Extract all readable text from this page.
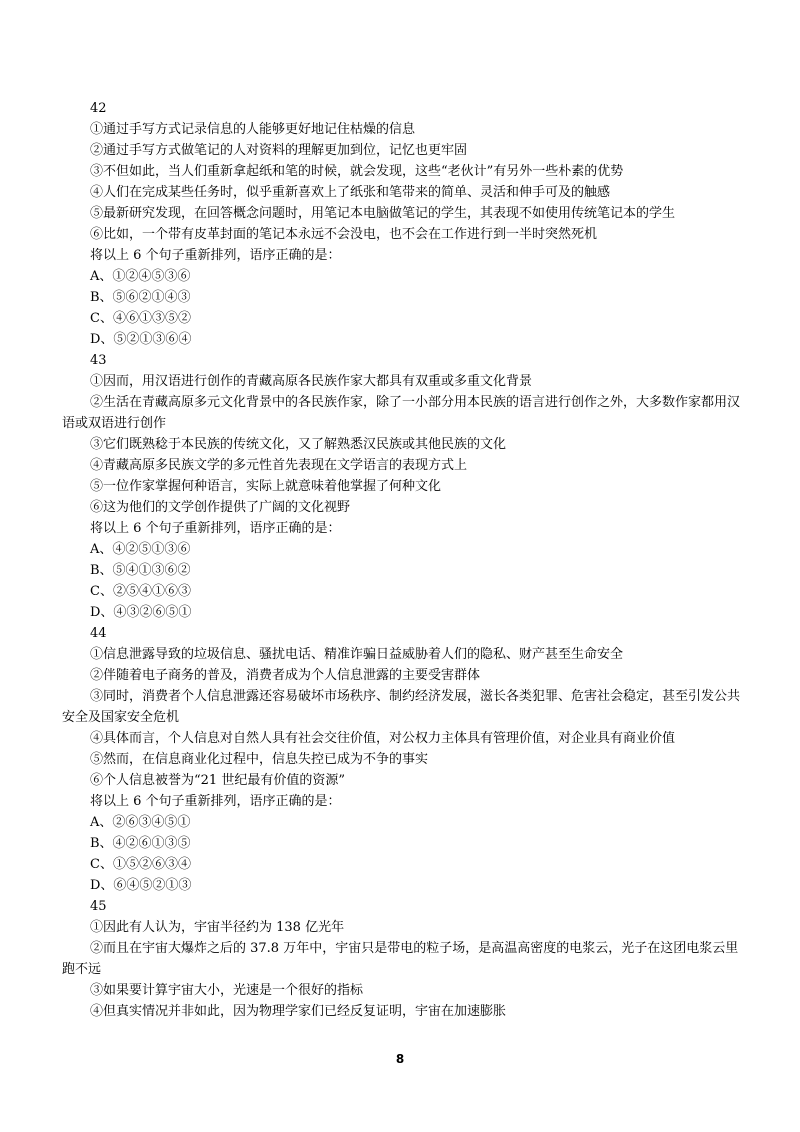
42
①通过手写方式记录信息的人能够更好地记住枯燥的信息
②通过手写方式做笔记的人对资料的理解更加到位，记忆也更牢固
③不但如此，当人们重新拿起纸和笔的时候，就会发现，这些“老伙计”有另外一些朴素的优势
④人们在完成某些任务时，似乎重新喜欢上了纸张和笔带来的简单、灵活和伸手可及的触感
⑤最新研究发现，在回答概念问题时，用笔记本电脑做笔记的学生，其表现不如使用传统笔记本的学生
⑥比如，一个带有皮革封面的笔记本永远不会没电，也不会在工作进行到一半时突然死机
将以上 6 个句子重新排列，语序正确的是：
A、①②④⑤③⑥
B、⑤⑥②①④③
C、④⑥①③⑤②
D、⑤②①③⑥④
43
①因而，用汉语进行创作的青藏高原各民族作家大都具有双重或多重文化背景
②生活在青藏高原多元文化背景中的各民族作家，除了一小部分用本民族的语言进行创作之外，大多数作家都用汉语或双语进行创作
③它们既熟稔于本民族的传统文化，又了解熟悉汉民族或其他民族的文化
④青藏高原多民族文学的多元性首先表现在文学语言的表现方式上
⑤一位作家掌握何种语言，实际上就意味着他掌握了何种文化
⑥这为他们的文学创作提供了广阔的文化视野
将以上 6 个句子重新排列，语序正确的是：
A、④②⑤①③⑥
B、⑤④①③⑥②
C、②⑤④①⑥③
D、④③②⑥⑤①
44
①信息泄露导致的垃圾信息、骚扰电话、精准诈骗日益威胁着人们的隐私、财产甚至生命安全
②伴随着电子商务的普及，消费者成为个人信息泄露的主要受害群体
③同时，消费者个人信息泄露还容易破坏市场秩序、制约经济发展，滋长各类犯罪、危害社会稳定，甚至引发公共安全及国家安全危机
④具体而言，个人信息对自然人具有社会交往价值，对公权力主体具有管理价值，对企业具有商业价值
⑤然而，在信息商业化过程中，信息失控已成为不争的事实
⑥个人信息被誉为“21 世纪最有价值的资源”
将以上 6 个句子重新排列，语序正确的是：
A、②⑥③④⑤①
B、④②⑥①③⑤
C、①⑤②⑥③④
D、⑥④⑤②①③
45
①因此有人认为，宇宙半径约为 138 亿光年
②而且在宇宙大爆炸之后的 37.8 万年中，宇宙只是带电的粒子场，是高温高密度的电浆云，光子在这团电浆云里跑不远
③如果要计算宇宙大小，光速是一个很好的指标
④但真实情况并非如此，因为物理学家们已经反复证明，宇宙在加速膨胀
8
